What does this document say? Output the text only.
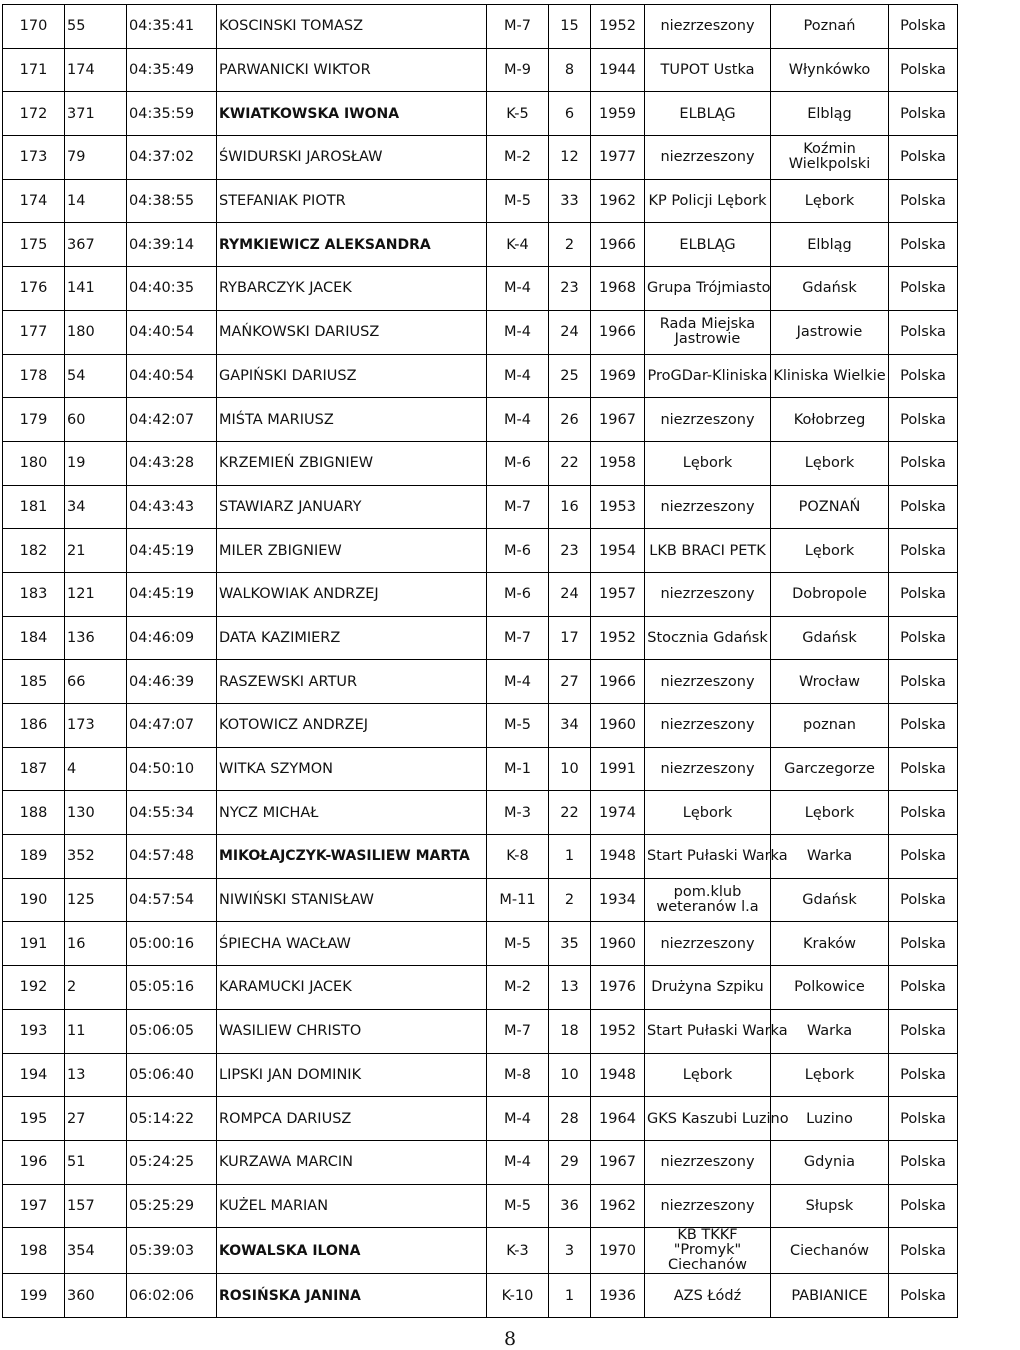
170	55	04:35:41	KOSCINSKI TOMASZ	M-7	15	1952	niezrzeszony	Poznań	Polska
171	174	04:35:49	PARWANICKI WIKTOR	M-9	8	1944	TUPOT Ustka	Włynkówko	Polska
172	371	04:35:59	KWIATKOWSKA IWONA	K-5	6	1959	ELBLĄG	Elbląg	Polska
173	79	04:37:02	ŚWIDURSKI JAROSŁAW	M-2	12	1977	niezrzeszony	Koźmin Wielkpolski	Polska
174	14	04:38:55	STEFANIAK PIOTR	M-5	33	1962	KP Policji Lębork	Lębork	Polska
175	367	04:39:14	RYMKIEWICZ ALEKSANDRA	K-4	2	1966	ELBLĄG	Elbląg	Polska
176	141	04:40:35	RYBARCZYK JACEK	M-4	23	1968	Grupa Trójmiasto	Gdańsk	Polska
177	180	04:40:54	MAŃKOWSKI DARIUSZ	M-4	24	1966	Rada Miejska Jastrowie	Jastrowie	Polska
178	54	04:40:54	GAPIŃSKI DARIUSZ	M-4	25	1969	ProGDar-Kliniska	Kliniska Wielkie	Polska
179	60	04:42:07	MIŚTA MARIUSZ	M-4	26	1967	niezrzeszony	Kołobrzeg	Polska
180	19	04:43:28	KRZEMIEŃ ZBIGNIEW	M-6	22	1958	Lębork	Lębork	Polska
181	34	04:43:43	STAWIARZ JANUARY	M-7	16	1953	niezrzeszony	POZNAŃ	Polska
182	21	04:45:19	MILER ZBIGNIEW	M-6	23	1954	LKB BRACI PETK	Lębork	Polska
183	121	04:45:19	WALKOWIAK ANDRZEJ	M-6	24	1957	niezrzeszony	Dobropole	Polska
184	136	04:46:09	DATA KAZIMIERZ	M-7	17	1952	Stocznia Gdańsk	Gdańsk	Polska
185	66	04:46:39	RASZEWSKI ARTUR	M-4	27	1966	niezrzeszony	Wrocław	Polska
186	173	04:47:07	KOTOWICZ ANDRZEJ	M-5	34	1960	niezrzeszony	poznan	Polska
187	4	04:50:10	WITKA SZYMON	M-1	10	1991	niezrzeszony	Garczegorze	Polska
188	130	04:55:34	NYCZ MICHAŁ	M-3	22	1974	Lębork	Lębork	Polska
189	352	04:57:48	MIKOŁAJCZYK-WASILIEW MARTA	K-8	1	1948	Start Pułaski Warka	Warka	Polska
190	125	04:57:54	NIWIŃSKI STANISŁAW	M-11	2	1934	pom.klub weteranów l.a	Gdańsk	Polska
191	16	05:00:16	ŚPIECHA WACŁAW	M-5	35	1960	niezrzeszony	Kraków	Polska
192	2	05:05:16	KARAMUCKI JACEK	M-2	13	1976	Drużyna Szpiku	Polkowice	Polska
193	11	05:06:05	WASILIEW CHRISTO	M-7	18	1952	Start Pułaski Warka	Warka	Polska
194	13	05:06:40	LIPSKI JAN DOMINIK	M-8	10	1948	Lębork	Lębork	Polska
195	27	05:14:22	ROMPCA DARIUSZ	M-4	28	1964	GKS Kaszubi Luzino	Luzino	Polska
196	51	05:24:25	KURZAWA MARCIN	M-4	29	1967	niezrzeszony	Gdynia	Polska
197	157	05:25:29	KUŻEL MARIAN	M-5	36	1962	niezrzeszony	Słupsk	Polska
198	354	05:39:03	KOWALSKA ILONA	K-3	3	1970	KB TKKF "Promyk" Ciechanów	Ciechanów	Polska
199	360	06:02:06	ROSIŃSKA JANINA	K-10	1	1936	AZS Łódź	PABIANICE	Polska
8
